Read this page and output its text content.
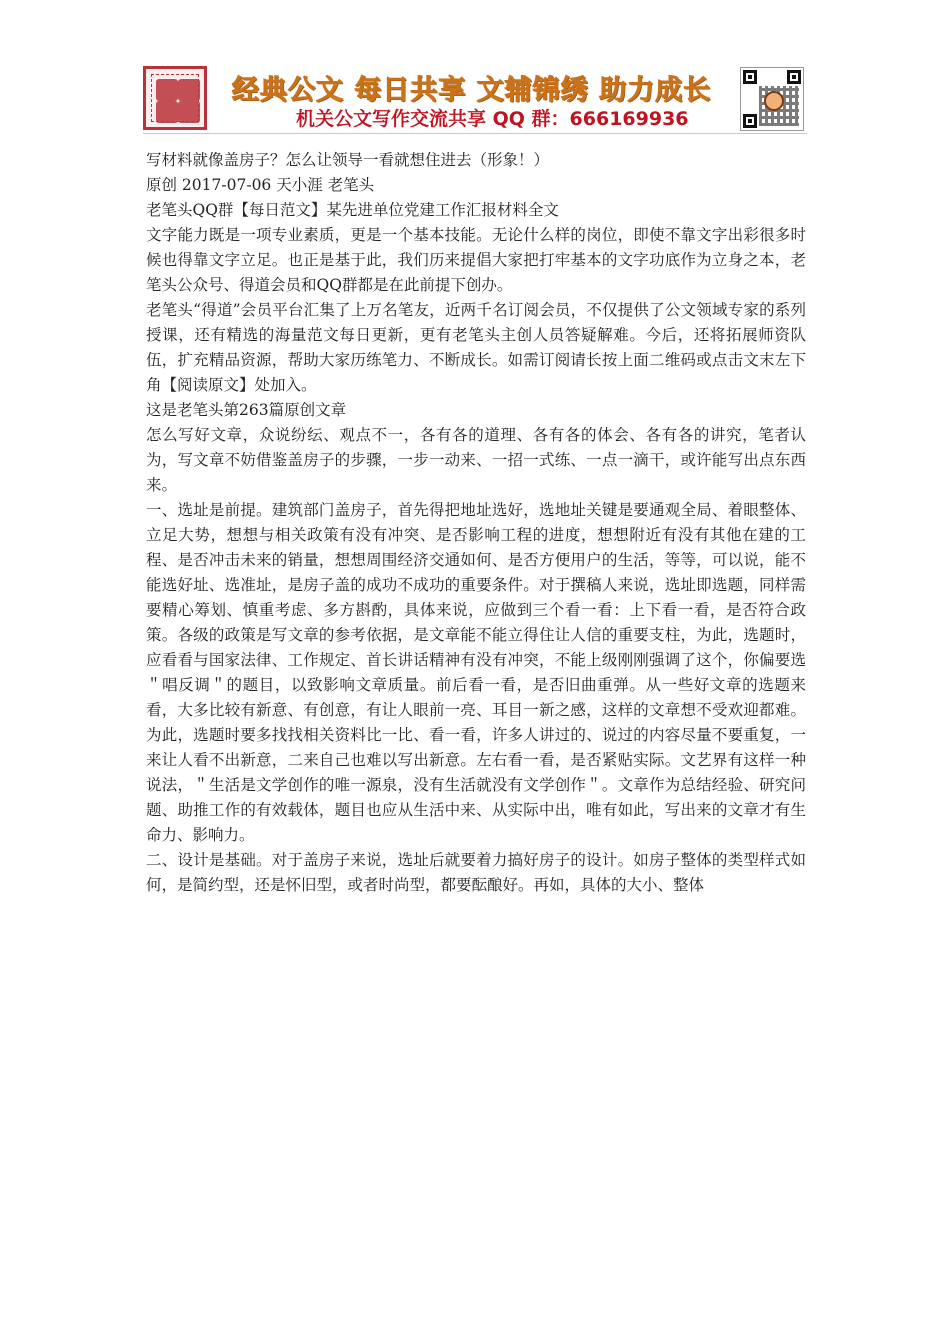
经典公文 每日共享 文辅锦绣 助力成长
机关公文写作交流共享 QQ 群：666169936

写材料就像盖房子？怎么让领导一看就想住进去（形象！）

原创 2017-07-06 天小涯 老笔头

老笔头QQ群【每日范文】某先进单位党建工作汇报材料全文

文字能力既是一项专业素质，更是一个基本技能。无论什么样的岗位，即使不靠文字出彩很多时候也得靠文字立足。也正是基于此，我们历来提倡大家把打牢基本的文字功底作为立身之本，老笔头公众号、得道会员和QQ群都是在此前提下创办。

老笔头“得道”会员平台汇集了上万名笔友，近两千名订阅会员，不仅提供了公文领域专家的系列授课，还有精选的海量范文每日更新，更有老笔头主创人员答疑解难。今后，还将拓展师资队伍，扩充精品资源，帮助大家历练笔力、不断成长。如需订阅请长按上面二维码或点击文末左下角【阅读原文】处加入。

这是老笔头第263篇原创文章

怎么写好文章，众说纷纭、观点不一，各有各的道理、各有各的体会、各有各的讲究，笔者认为，写文章不妨借鉴盖房子的步骤，一步一动来、一招一式练、一点一滴干，或许能写出点东西来。

一、选址是前提。建筑部门盖房子，首先得把地址选好，选地址关键是要通观全局、着眼整体、立足大势，想想与相关政策有没有冲突、是否影响工程的进度，想想附近有没有其他在建的工程、是否冲击未来的销量，想想周围经济交通如何、是否方便用户的生活，等等，可以说，能不能选好址、选准址，是房子盖的成功不成功的重要条件。对于撰稿人来说，选址即选题，同样需要精心筹划、慎重考虑、多方斟酌，具体来说，应做到三个看一看：上下看一看，是否符合政策。各级的政策是写文章的参考依据，是文章能不能立得住让人信的重要支柱，为此，选题时，应看看与国家法律、工作规定、首长讲话精神有没有冲突，不能上级刚刚强调了这个，你偏要选＂唱反调＂的题目，以致影响文章质量。前后看一看，是否旧曲重弹。从一些好文章的选题来看，大多比较有新意、有创意，有让人眼前一亮、耳目一新之感，这样的文章想不受欢迎都难。为此，选题时要多找找相关资料比一比、看一看，许多人讲过的、说过的内容尽量不要重复，一来让人看不出新意，二来自己也难以写出新意。左右看一看，是否紧贴实际。文艺界有这样一种说法，＂生活是文学创作的唯一源泉，没有生活就没有文学创作＂。文章作为总结经验、研究问题、助推工作的有效载体，题目也应从生活中来、从实际中出，唯有如此，写出来的文章才有生命力、影响力。

二、设计是基础。对于盖房子来说，选址后就要着力搞好房子的设计。如房子整体的类型样式如何，是简约型，还是怀旧型，或者时尚型，都要酝酿好。再如，具体的大小、整体
